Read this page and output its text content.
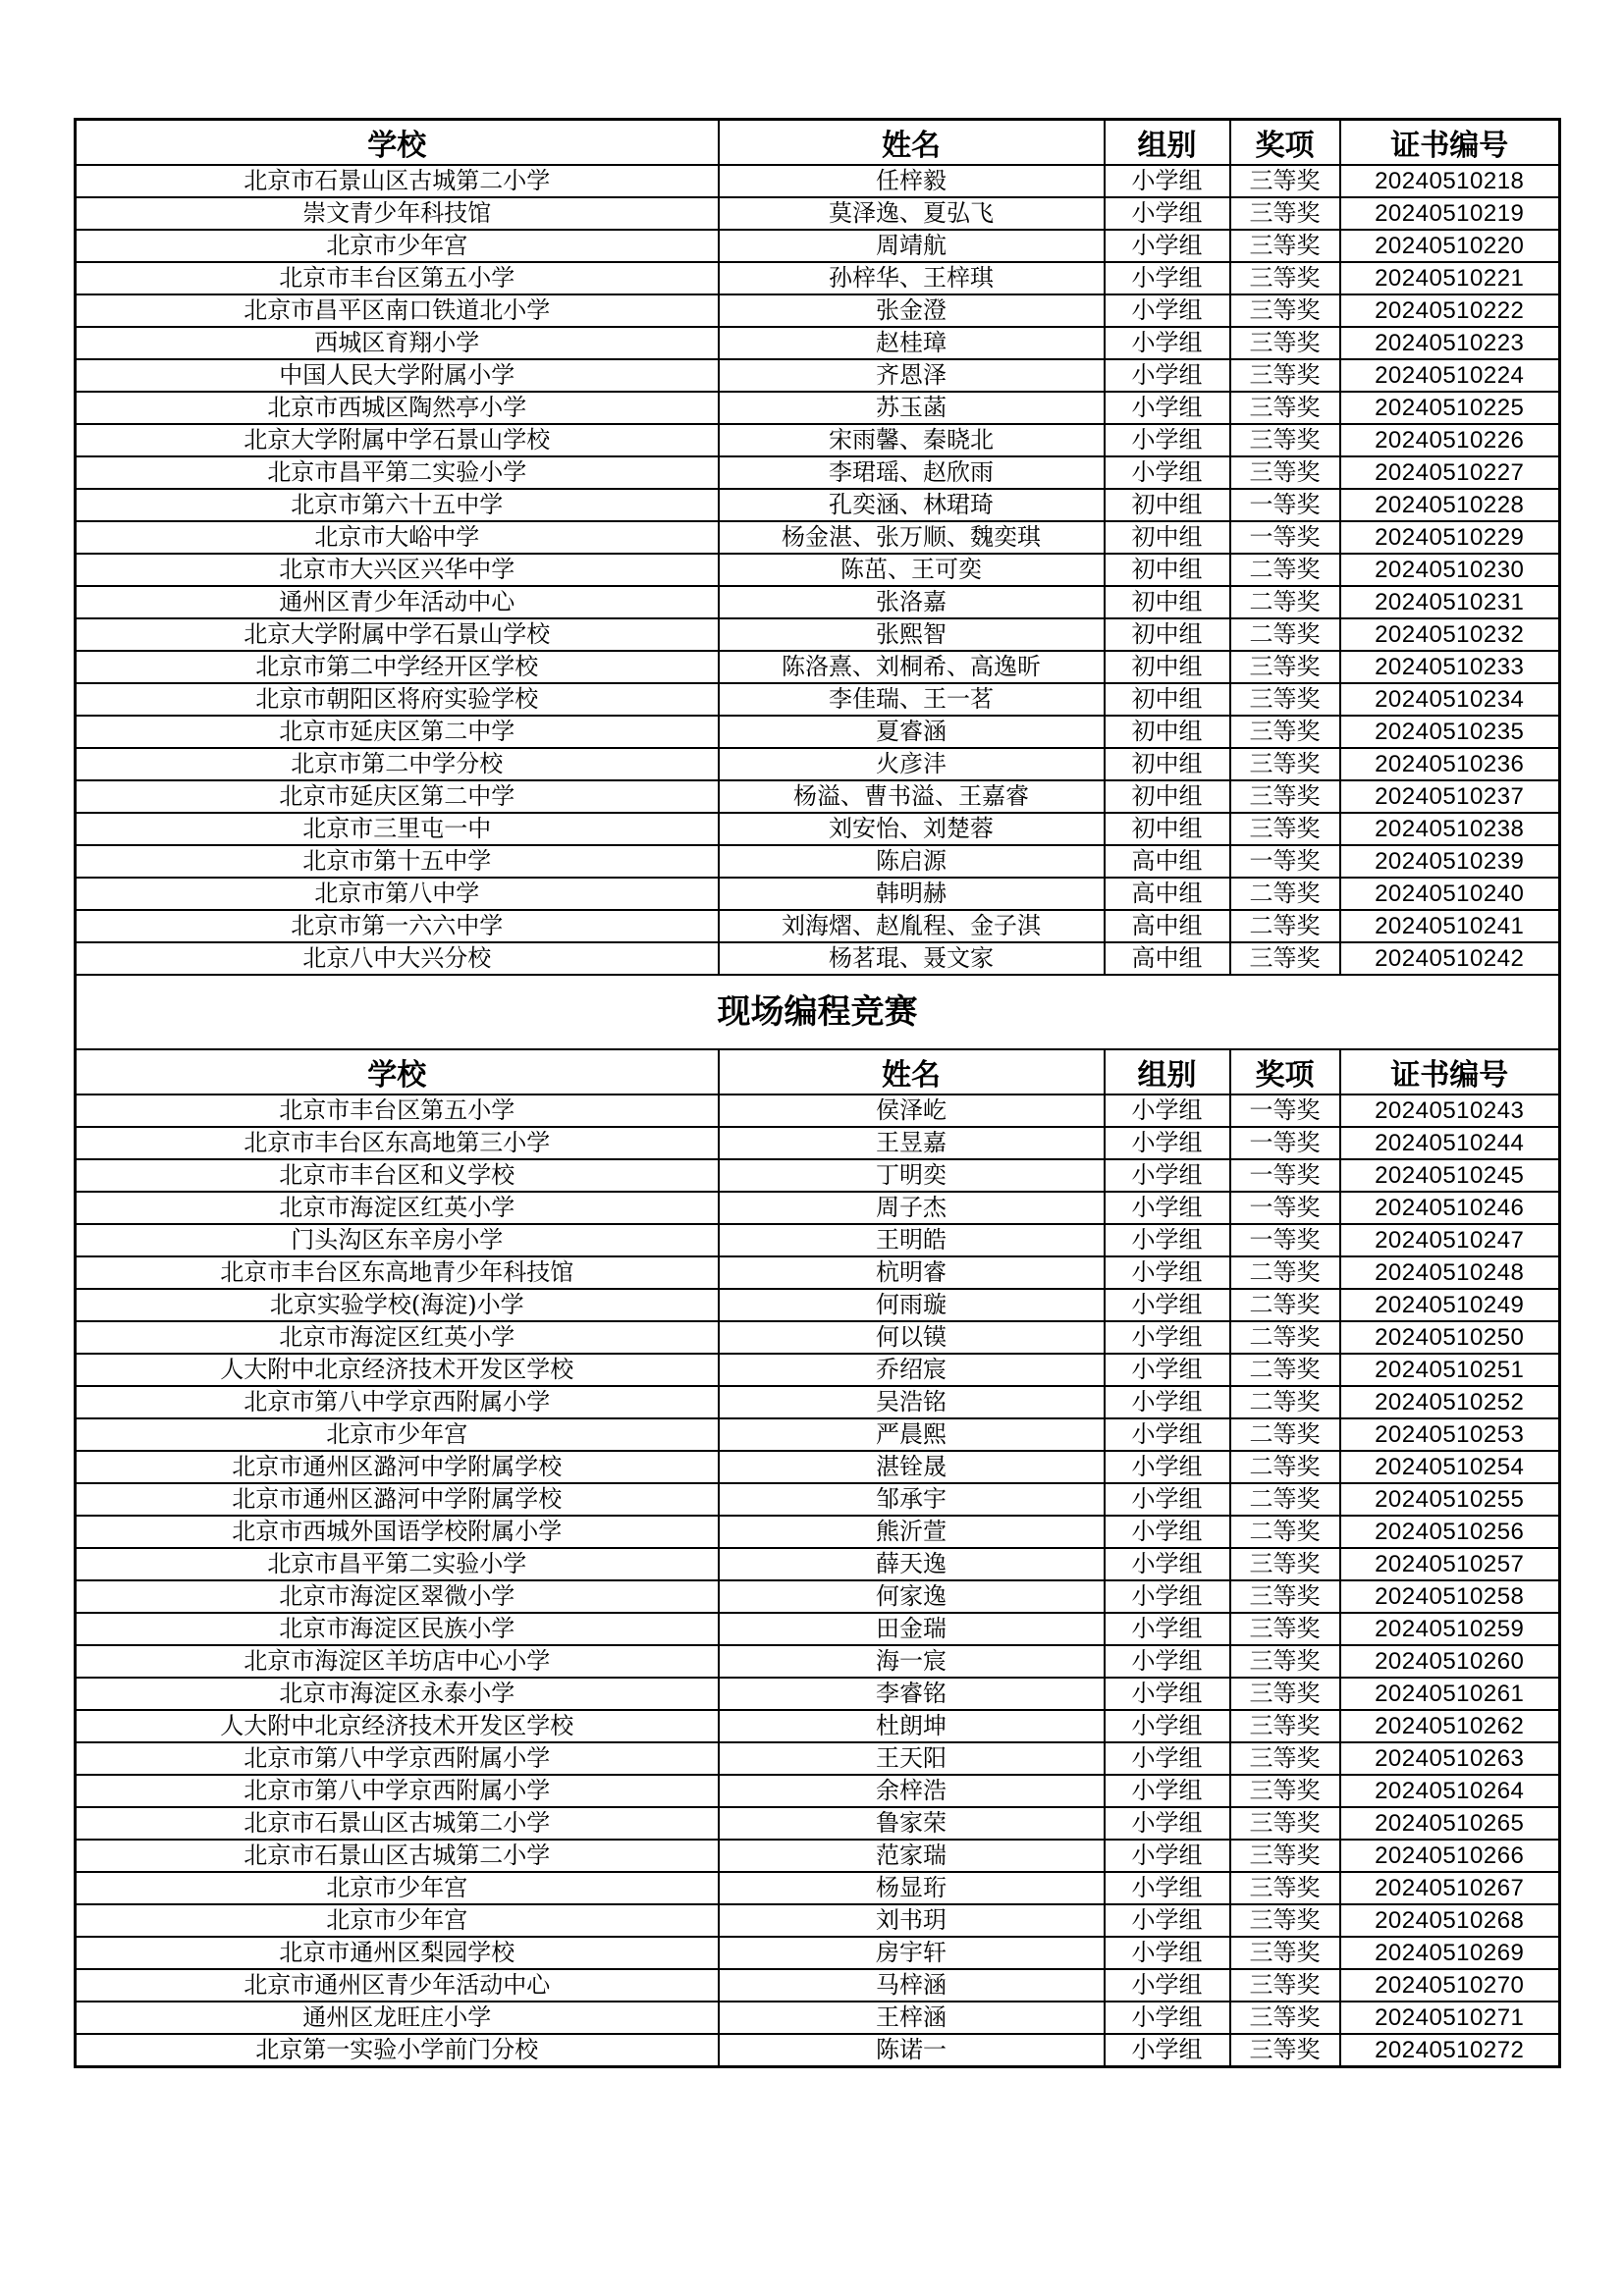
学校	姓名	组别	奖项	证书编号
北京市石景山区古城第二小学	任梓毅	小学组	三等奖	20240510218
崇文青少年科技馆	莫泽逸、夏弘飞	小学组	三等奖	20240510219
北京市少年宫	周靖航	小学组	三等奖	20240510220
北京市丰台区第五小学	孙梓华、王梓琪	小学组	三等奖	20240510221
北京市昌平区南口铁道北小学	张金澄	小学组	三等奖	20240510222
西城区育翔小学	赵桂璋	小学组	三等奖	20240510223
中国人民大学附属小学	齐恩泽	小学组	三等奖	20240510224
北京市西城区陶然亭小学	苏玉菡	小学组	三等奖	20240510225
北京大学附属中学石景山学校	宋雨馨、秦晓北	小学组	三等奖	20240510226
北京市昌平第二实验小学	李珺瑶、赵欣雨	小学组	三等奖	20240510227
北京市第六十五中学	孔奕涵、林珺琦	初中组	一等奖	20240510228
北京市大峪中学	杨金湛、张万顺、魏奕琪	初中组	一等奖	20240510229
北京市大兴区兴华中学	陈茁、王可奕	初中组	二等奖	20240510230
通州区青少年活动中心	张洛嘉	初中组	二等奖	20240510231
北京大学附属中学石景山学校	张熙智	初中组	二等奖	20240510232
北京市第二中学经开区学校	陈洛熹、刘桐希、高逸昕	初中组	三等奖	20240510233
北京市朝阳区将府实验学校	李佳瑞、王一茗	初中组	三等奖	20240510234
北京市延庆区第二中学	夏睿涵	初中组	三等奖	20240510235
北京市第二中学分校	火彦沣	初中组	三等奖	20240510236
北京市延庆区第二中学	杨溢、曹书溢、王嘉睿	初中组	三等奖	20240510237
北京市三里屯一中	刘安怡、刘楚蓉	初中组	三等奖	20240510238
北京市第十五中学	陈启源	高中组	一等奖	20240510239
北京市第八中学	韩明赫	高中组	二等奖	20240510240
北京市第一六六中学	刘海熠、赵胤程、金子淇	高中组	二等奖	20240510241
北京八中大兴分校	杨茗琨、聂文家	高中组	三等奖	20240510242
现场编程竞赛				
学校	姓名	组别	奖项	证书编号
北京市丰台区第五小学	侯泽屹	小学组	一等奖	20240510243
北京市丰台区东高地第三小学	王昱嘉	小学组	一等奖	20240510244
北京市丰台区和义学校	丁明奕	小学组	一等奖	20240510245
北京市海淀区红英小学	周子杰	小学组	一等奖	20240510246
门头沟区东辛房小学	王明皓	小学组	一等奖	20240510247
北京市丰台区东高地青少年科技馆	杭明睿	小学组	二等奖	20240510248
北京实验学校(海淀)小学	何雨璇	小学组	二等奖	20240510249
北京市海淀区红英小学	何以镆	小学组	二等奖	20240510250
人大附中北京经济技术开发区学校	乔绍宸	小学组	二等奖	20240510251
北京市第八中学京西附属小学	吴浩铭	小学组	二等奖	20240510252
北京市少年宫	严晨熙	小学组	二等奖	20240510253
北京市通州区潞河中学附属学校	湛铨晟	小学组	二等奖	20240510254
北京市通州区潞河中学附属学校	邹承宇	小学组	二等奖	20240510255
北京市西城外国语学校附属小学	熊沂萱	小学组	二等奖	20240510256
北京市昌平第二实验小学	薛天逸	小学组	三等奖	20240510257
北京市海淀区翠微小学	何家逸	小学组	三等奖	20240510258
北京市海淀区民族小学	田金瑞	小学组	三等奖	20240510259
北京市海淀区羊坊店中心小学	海一宸	小学组	三等奖	20240510260
北京市海淀区永泰小学	李睿铭	小学组	三等奖	20240510261
人大附中北京经济技术开发区学校	杜朗坤	小学组	三等奖	20240510262
北京市第八中学京西附属小学	王天阳	小学组	三等奖	20240510263
北京市第八中学京西附属小学	余梓浩	小学组	三等奖	20240510264
北京市石景山区古城第二小学	鲁家荣	小学组	三等奖	20240510265
北京市石景山区古城第二小学	范家瑞	小学组	三等奖	20240510266
北京市少年宫	杨显珩	小学组	三等奖	20240510267
北京市少年宫	刘书玥	小学组	三等奖	20240510268
北京市通州区梨园学校	房宇轩	小学组	三等奖	20240510269
北京市通州区青少年活动中心	马梓涵	小学组	三等奖	20240510270
通州区龙旺庄小学	王梓涵	小学组	三等奖	20240510271
北京第一实验小学前门分校	陈诺一	小学组	三等奖	20240510272
